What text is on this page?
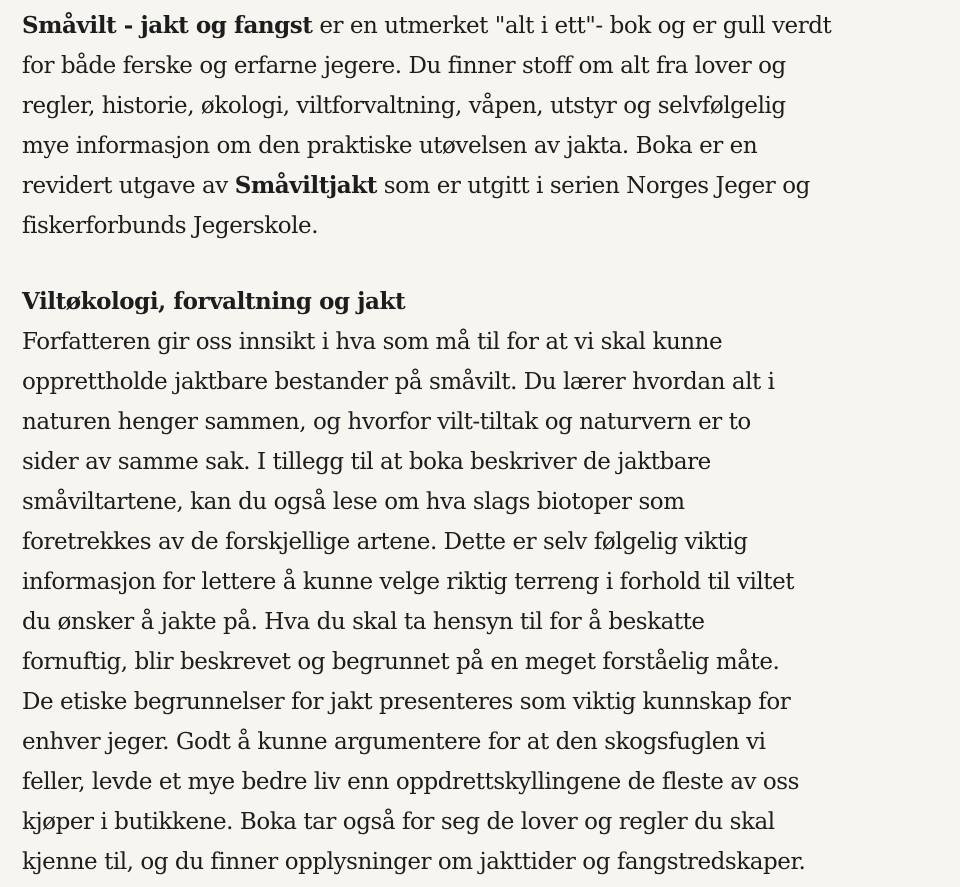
Småvilt - jakt og fangst er en utmerket "alt i ett"- bok og er gull verdt
for både ferske og erfarne jegere. Du finner stoff om alt fra lover og
regler, historie, økologi, viltforvaltning, våpen, utstyr og selvfølgelig
mye informasjon om den praktiske utøvelsen av jakta. Boka er en
revidert utgave av Småviltjakt som er utgitt i serien Norges Jeger og
fiskerforbunds Jegerskole.
Viltøkologi, forvaltning og jakt
Forfatteren gir oss innsikt i hva som må til for at vi skal kunne
opprettholde jaktbare bestander på småvilt. Du lærer hvordan alt i
naturen henger sammen, og hvorfor vilt-tiltak og naturvern er to
sider av samme sak. I tillegg til at boka beskriver de jaktbare
småviltartene, kan du også lese om hva slags biotoper som
foretrekkes av de forskjellige artene. Dette er selv følgelig viktig
informasjon for lettere å kunne velge riktig terreng i forhold til viltet
du ønsker å jakte på. Hva du skal ta hensyn til for å beskatte
fornuftig, blir beskrevet og begrunnet på en meget forståelig måte.
De etiske begrunnelser for jakt presenteres som viktig kunnskap for
enhver jeger. Godt å kunne argumentere for at den skogsfuglen vi
feller, levde et mye bedre liv enn oppdrettskyllingene de fleste av oss
kjøper i butikkene. Boka tar også for seg de lover og regler du skal
kjenne til, og du finner opplysninger om jakttider og fangstredskaper.
